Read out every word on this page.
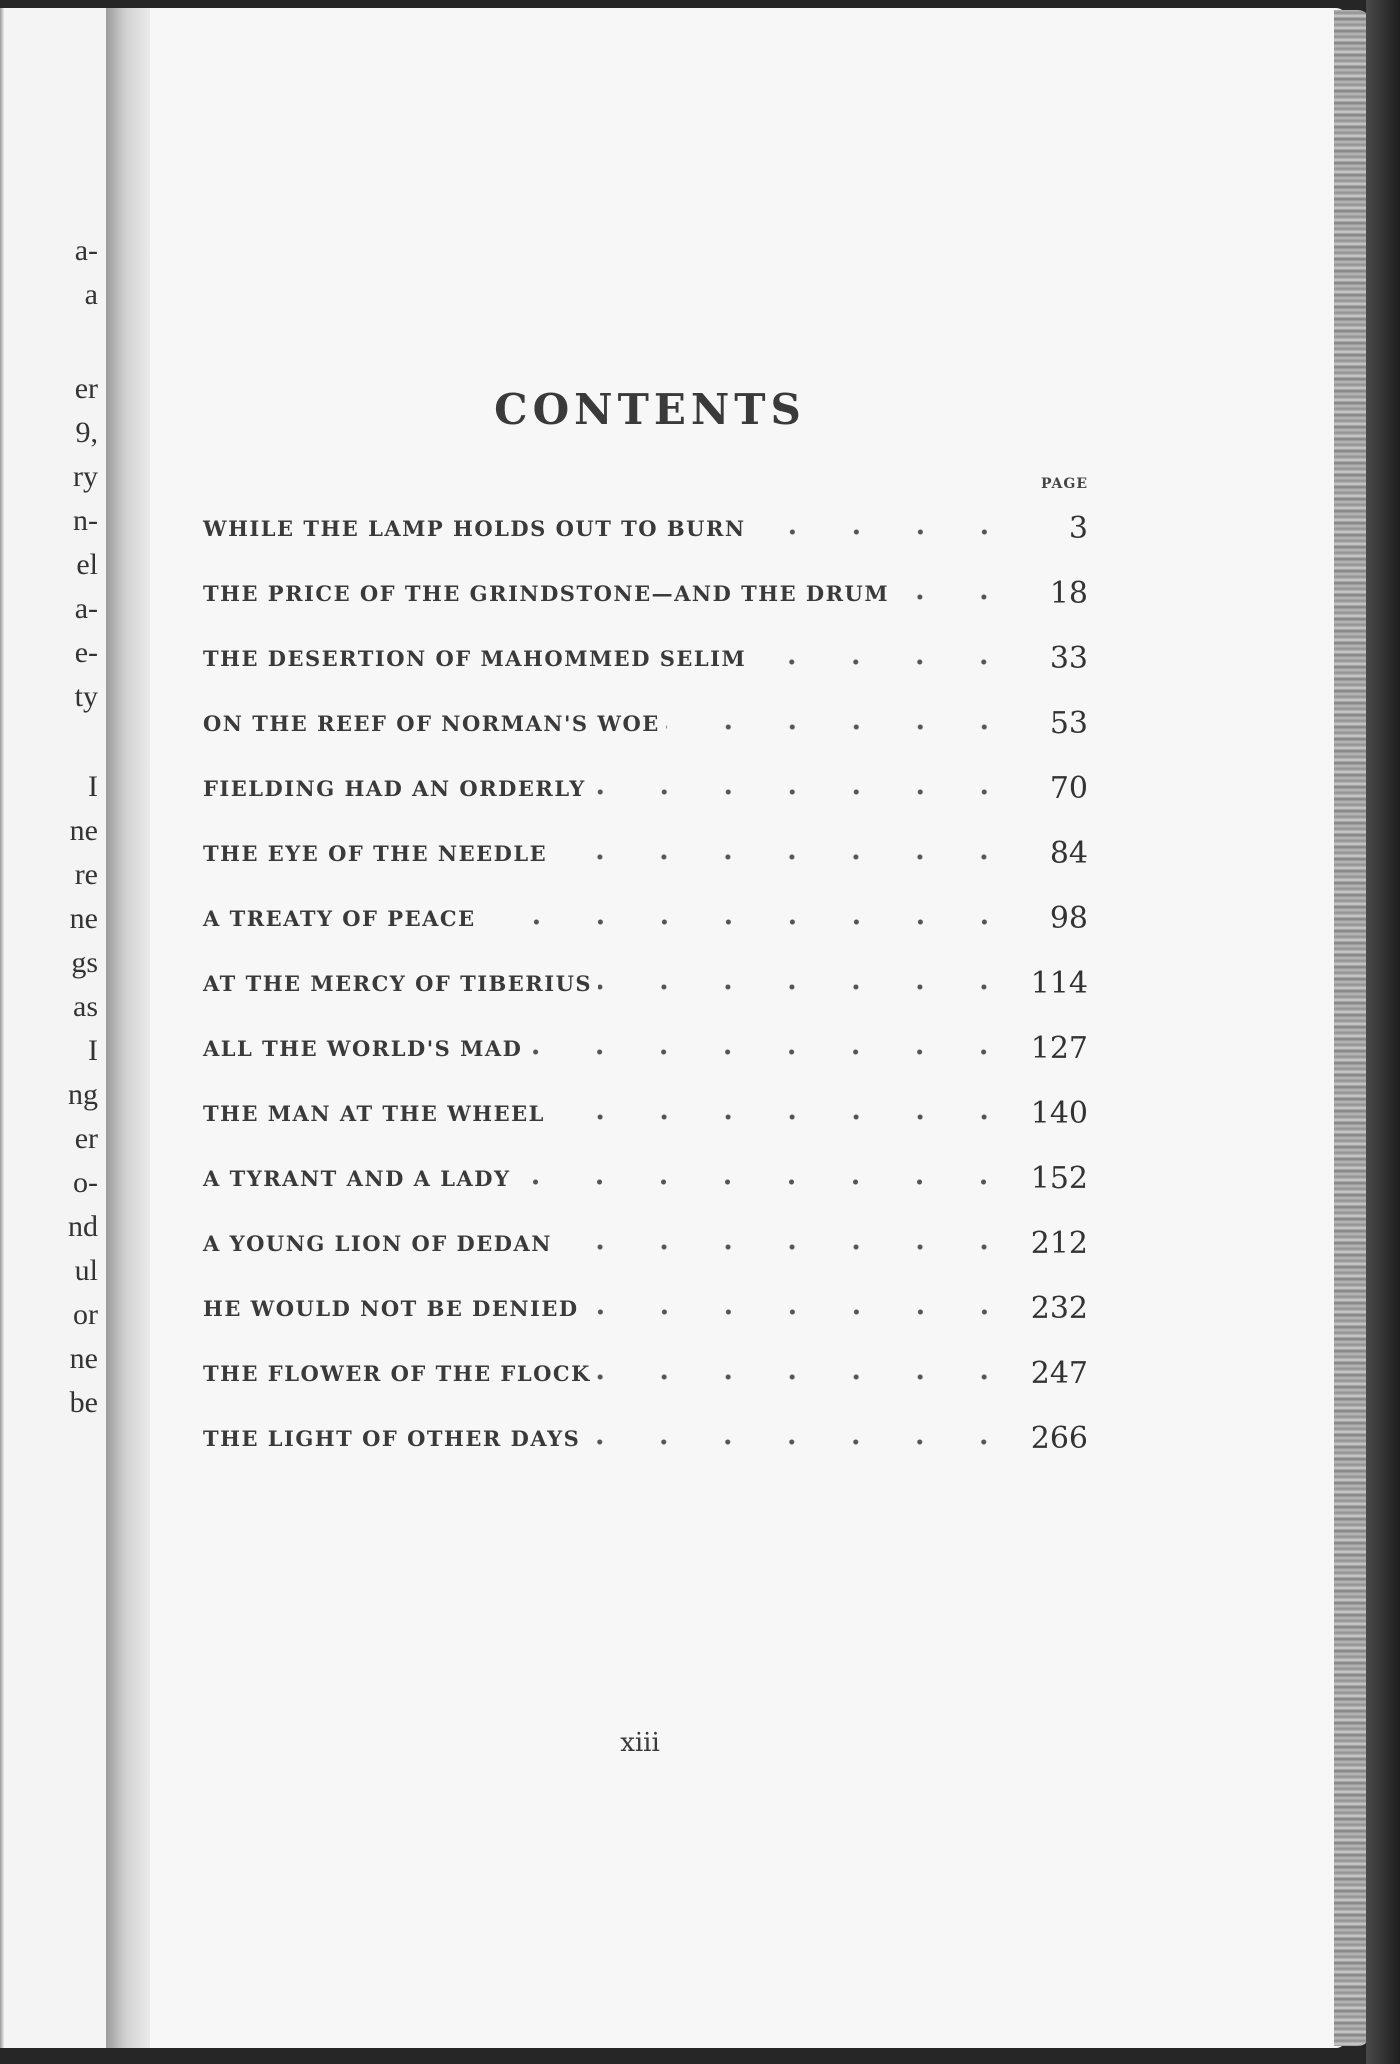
a-
a
er
9,
ry
n-
el
a-
e-
ty
I
ne
re
ne
gs
as
I
ng
er
o-
nd
ul
or
ne
be
CONTENTS
PAGE
WHILE THE LAMP HOLDS OUT TO BURN	3
THE PRICE OF THE GRINDSTONE—AND THE DRUM	18
THE DESERTION OF MAHOMMED SELIM	33
ON THE REEF OF NORMAN'S WOE	53
FIELDING HAD AN ORDERLY	70
THE EYE OF THE NEEDLE	84
A TREATY OF PEACE	98
AT THE MERCY OF TIBERIUS	114
ALL THE WORLD'S MAD	127
THE MAN AT THE WHEEL	140
A TYRANT AND A LADY	152
A YOUNG LION OF DEDAN	212
HE WOULD NOT BE DENIED	232
THE FLOWER OF THE FLOCK	247
THE LIGHT OF OTHER DAYS	266
xiii
